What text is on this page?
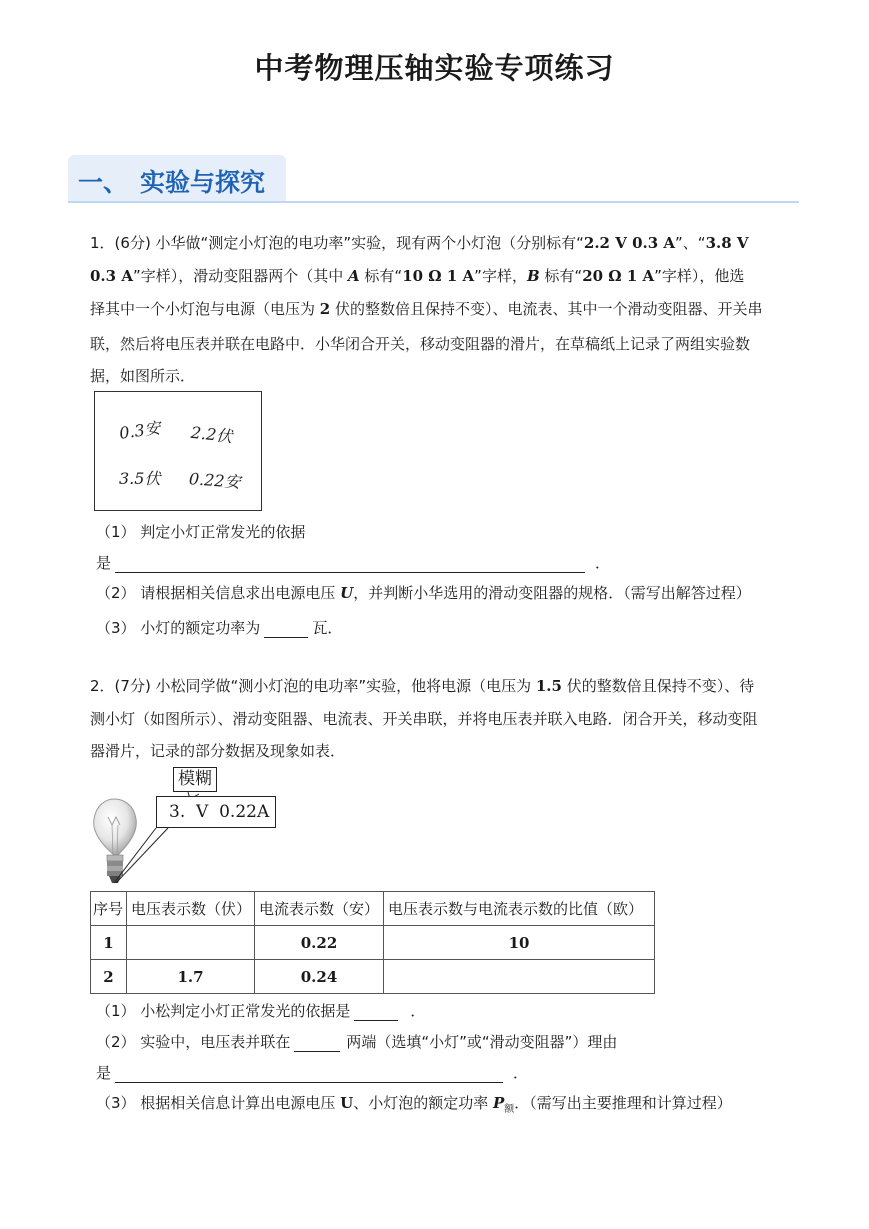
中考物理压轴实验专项练习
一、 实验与探究
1．(6分) 小华做“测定小灯泡的电功率”实验，现有两个小灯泡（分别标有“2.2 V 0.3 A”、“3.8 V
0.3 A”字样），滑动变阻器两个（其中 A 标有“10 Ω 1 A”字样，B 标有“20 Ω 1 A”字样），他选
择其中一个小灯泡与电源（电压为 2 伏的整数倍且保持不变）、电流表、其中一个滑动变阻器、开关串
联，然后将电压表并联在电路中．小华闭合开关，移动变阻器的滑片，在草稿纸上记录了两组实验数
据，如图所示．
0.3安 2.2伏
3.5伏 0.22安
（1） 判定小灯正常发光的依据
是	．
（2） 请根据相关信息求出电源电压 U，并判断小华选用的滑动变阻器的规格．（需写出解答过程）
（3） 小灯的额定功率为	瓦．
2．(7分) 小松同学做“测小灯泡的电功率”实验，他将电源（电压为 1.5 伏的整数倍且保持不变）、待
测小灯（如图所示）、滑动变阻器、电流表、开关串联，并将电压表并联入电路．闭合开关，移动变阻
器滑片，记录的部分数据及现象如表．
模糊
3.  V  0.22A
序号	电压表示数（伏）	电流表示数（安）	电压表示数与电流表示数的比值（欧）
1		0.22	10
2	1.7	0.24	
（1） 小松判定小灯正常发光的依据是	．
（2） 实验中，电压表并联在	两端（选填“小灯”或“滑动变阻器”）理由
是	．
（3） 根据相关信息计算出电源电压 U、小灯泡的额定功率 $P_额$．（需写出主要推理和计算过程）
